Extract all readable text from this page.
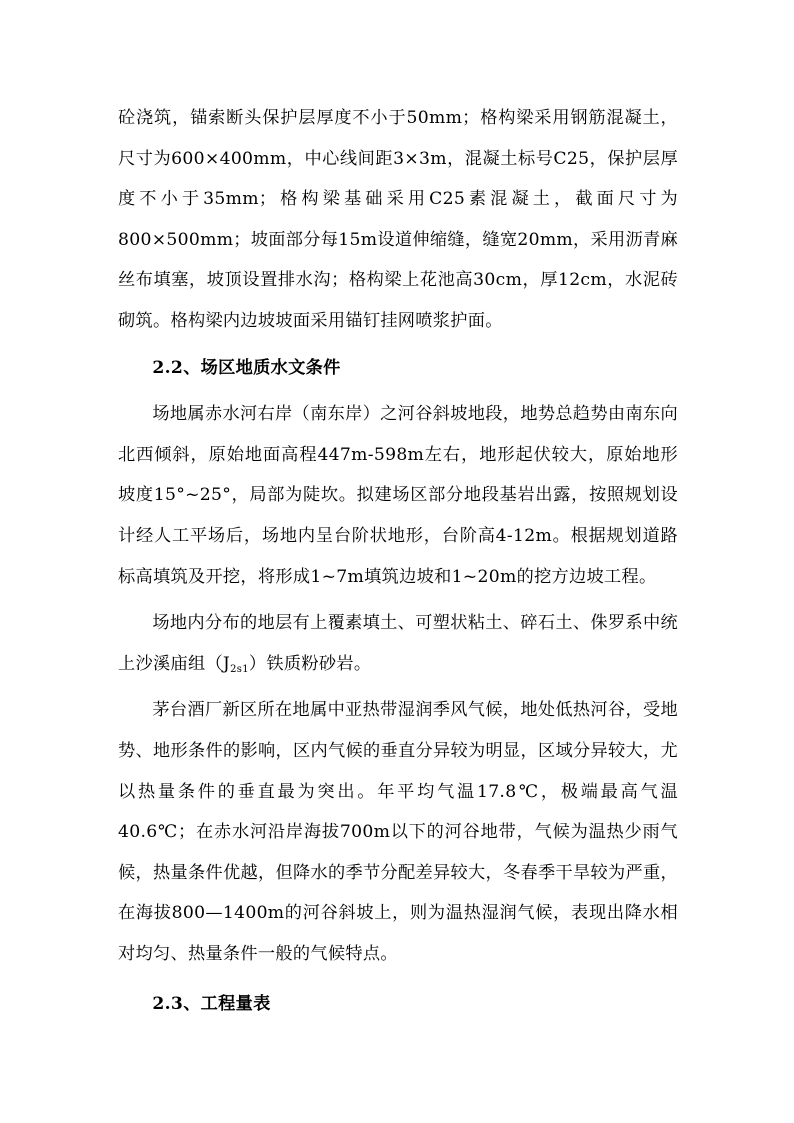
砼浇筑，锚索断头保护层厚度不小于50mm；格构梁采用钢筋混凝土，尺寸为600×400mm，中心线间距3×3m，混凝土标号C25，保护层厚度不小于35mm；格构梁基础采用C25素混凝土，截面尺寸为800×500mm；坡面部分每15m设道伸缩缝，缝宽20mm，采用沥青麻丝布填塞，坡顶设置排水沟；格构梁上花池高30cm，厚12cm，水泥砖砌筑。格构梁内边坡坡面采用锚钉挂网喷浆护面。

2.2、场区地质水文条件

场地属赤水河右岸（南东岸）之河谷斜坡地段，地势总趋势由南东向北西倾斜，原始地面高程447m-598m左右，地形起伏较大，原始地形坡度15°~25°，局部为陡坎。拟建场区部分地段基岩出露，按照规划设计经人工平场后，场地内呈台阶状地形，台阶高4-12m。根据规划道路标高填筑及开挖，将形成1~7m填筑边坡和1~20m的挖方边坡工程。

场地内分布的地层有上覆素填土、可塑状粘土、碎石土、侏罗系中统上沙溪庙组$(J_{2s1})$铁质粉砂岩。

茅台酒厂新区所在地属中亚热带湿润季风气候，地处低热河谷，受地势、地形条件的影响，区内气候的垂直分异较为明显，区域分异较大，尤以热量条件的垂直最为突出。年平均气温17.8℃，极端最高气温40.6℃；在赤水河沿岸海拔700m以下的河谷地带，气候为温热少雨气候，热量条件优越，但降水的季节分配差异较大，冬春季干旱较为严重，在海拔800—1400m的河谷斜坡上，则为温热湿润气候，表现出降水相对均匀、热量条件一般的气候特点。

2.3、工程量表
